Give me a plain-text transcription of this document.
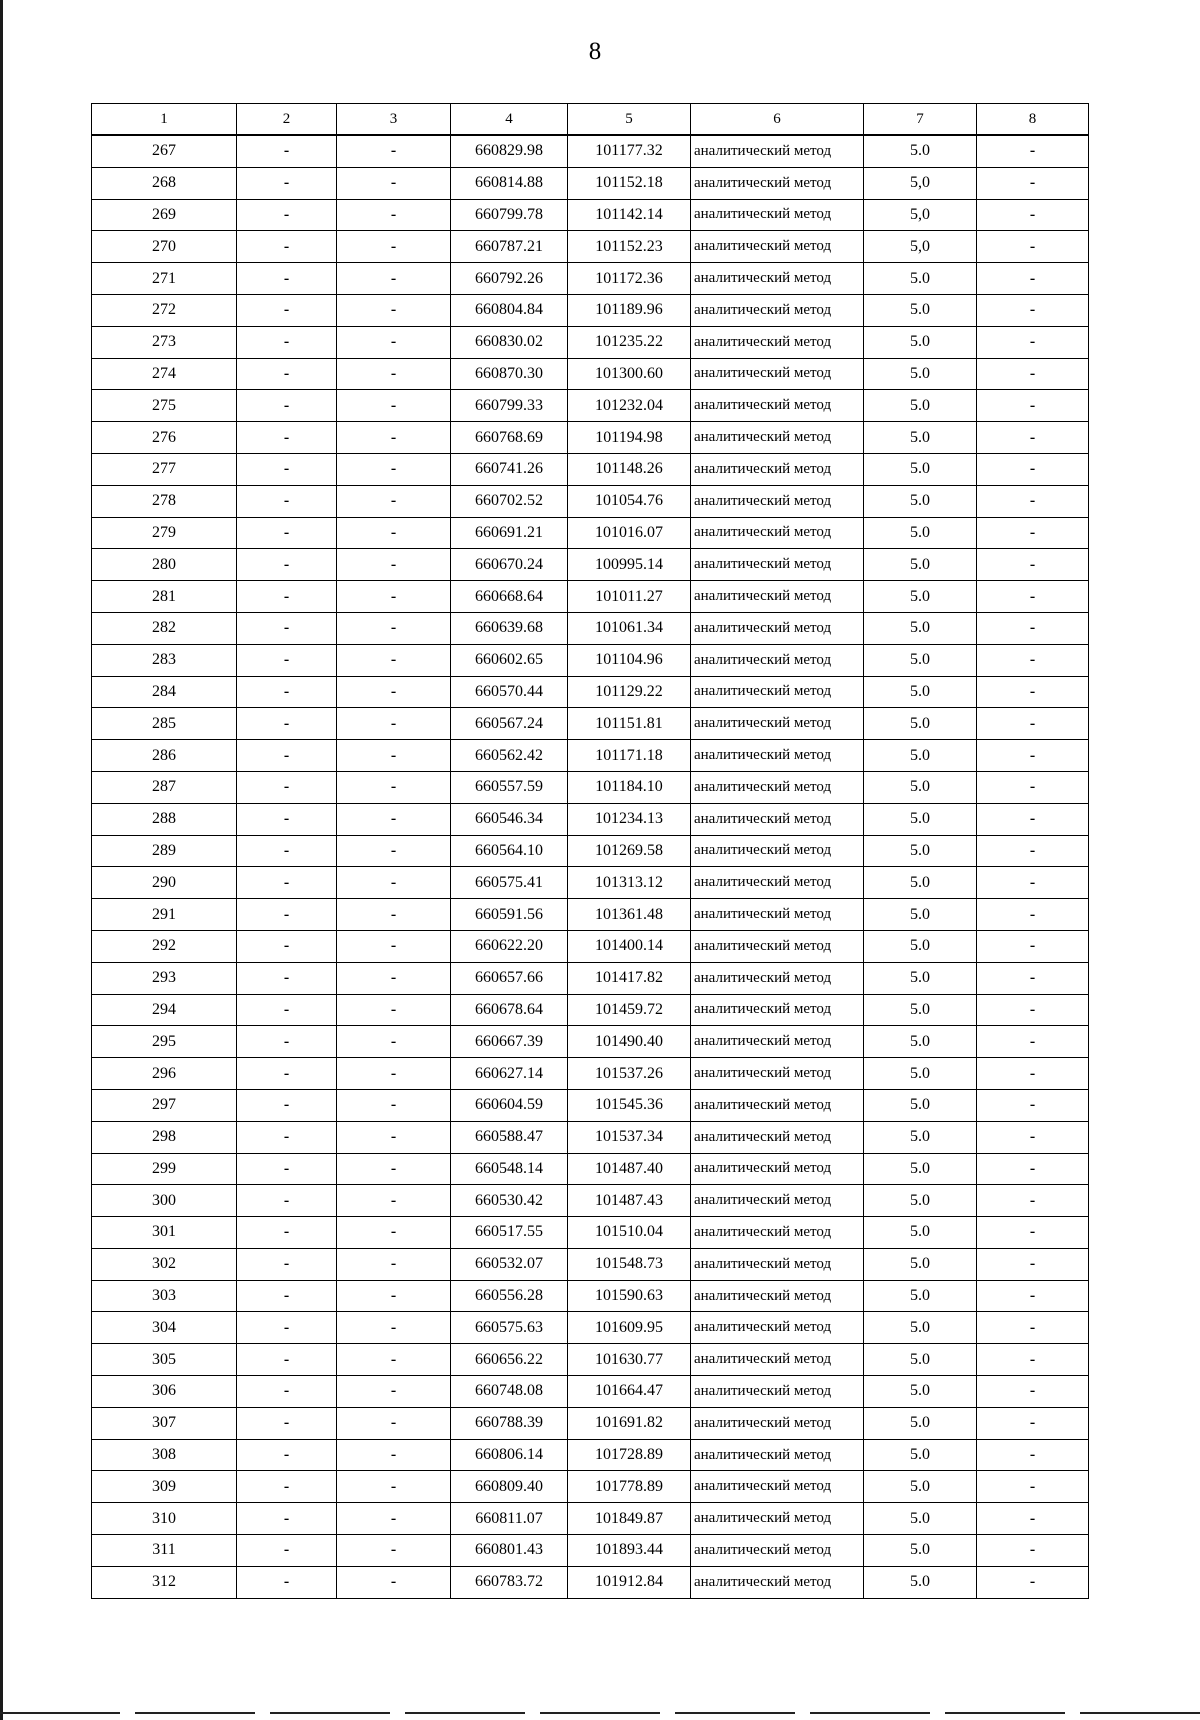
8
1	2	3	4	5	6	7	8
267	-	-	660829.98	101177.32	аналитический метод	5.0	-
268	-	-	660814.88	101152.18	аналитический метод	5,0	-
269	-	-	660799.78	101142.14	аналитический метод	5,0	-
270	-	-	660787.21	101152.23	аналитический метод	5,0	-
271	-	-	660792.26	101172.36	аналитический метод	5.0	-
272	-	-	660804.84	101189.96	аналитический метод	5.0	-
273	-	-	660830.02	101235.22	аналитический метод	5.0	-
274	-	-	660870.30	101300.60	аналитический метод	5.0	-
275	-	-	660799.33	101232.04	аналитический метод	5.0	-
276	-	-	660768.69	101194.98	аналитический метод	5.0	-
277	-	-	660741.26	101148.26	аналитический метод	5.0	-
278	-	-	660702.52	101054.76	аналитический метод	5.0	-
279	-	-	660691.21	101016.07	аналитический метод	5.0	-
280	-	-	660670.24	100995.14	аналитический метод	5.0	-
281	-	-	660668.64	101011.27	аналитический метод	5.0	-
282	-	-	660639.68	101061.34	аналитический метод	5.0	-
283	-	-	660602.65	101104.96	аналитический метод	5.0	-
284	-	-	660570.44	101129.22	аналитический метод	5.0	-
285	-	-	660567.24	101151.81	аналитический метод	5.0	-
286	-	-	660562.42	101171.18	аналитический метод	5.0	-
287	-	-	660557.59	101184.10	аналитический метод	5.0	-
288	-	-	660546.34	101234.13	аналитический метод	5.0	-
289	-	-	660564.10	101269.58	аналитический метод	5.0	-
290	-	-	660575.41	101313.12	аналитический метод	5.0	-
291	-	-	660591.56	101361.48	аналитический метод	5.0	-
292	-	-	660622.20	101400.14	аналитический метод	5.0	-
293	-	-	660657.66	101417.82	аналитический метод	5.0	-
294	-	-	660678.64	101459.72	аналитический метод	5.0	-
295	-	-	660667.39	101490.40	аналитический метод	5.0	-
296	-	-	660627.14	101537.26	аналитический метод	5.0	-
297	-	-	660604.59	101545.36	аналитический метод	5.0	-
298	-	-	660588.47	101537.34	аналитический метод	5.0	-
299	-	-	660548.14	101487.40	аналитический метод	5.0	-
300	-	-	660530.42	101487.43	аналитический метод	5.0	-
301	-	-	660517.55	101510.04	аналитический метод	5.0	-
302	-	-	660532.07	101548.73	аналитический метод	5.0	-
303	-	-	660556.28	101590.63	аналитический метод	5.0	-
304	-	-	660575.63	101609.95	аналитический метод	5.0	-
305	-	-	660656.22	101630.77	аналитический метод	5.0	-
306	-	-	660748.08	101664.47	аналитический метод	5.0	-
307	-	-	660788.39	101691.82	аналитический метод	5.0	-
308	-	-	660806.14	101728.89	аналитический метод	5.0	-
309	-	-	660809.40	101778.89	аналитический метод	5.0	-
310	-	-	660811.07	101849.87	аналитический метод	5.0	-
311	-	-	660801.43	101893.44	аналитический метод	5.0	-
312	-	-	660783.72	101912.84	аналитический метод	5.0	-
